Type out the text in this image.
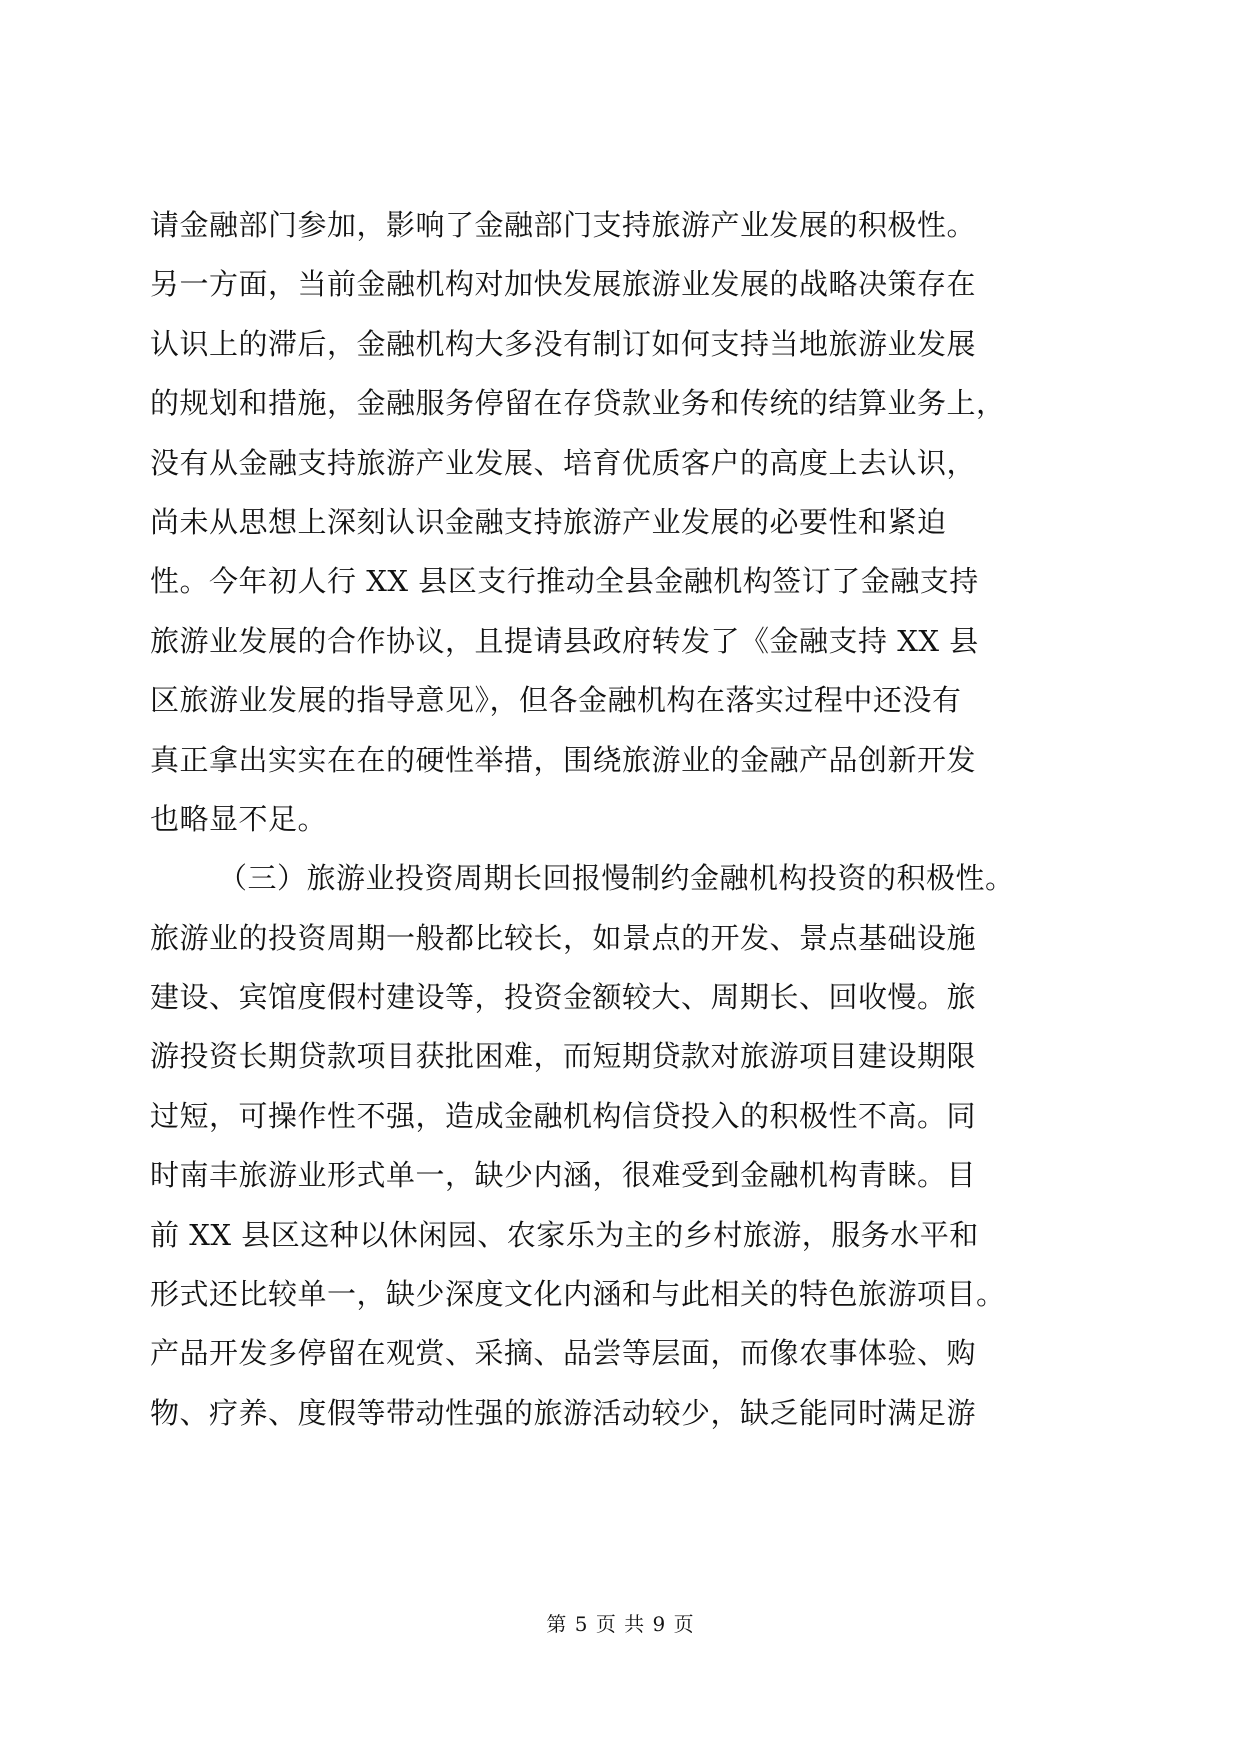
请金融部门参加，影响了金融部门支持旅游产业发展的积极性。
另一方面，当前金融机构对加快发展旅游业发展的战略决策存在
认识上的滞后，金融机构大多没有制订如何支持当地旅游业发展
的规划和措施，金融服务停留在存贷款业务和传统的结算业务上，
没有从金融支持旅游产业发展、培育优质客户的高度上去认识，
尚未从思想上深刻认识金融支持旅游产业发展的必要性和紧迫
性。今年初人行 XX 县区支行推动全县金融机构签订了金融支持
旅游业发展的合作协议，且提请县政府转发了《金融支持 XX 县
区旅游业发展的指导意见》，但各金融机构在落实过程中还没有
真正拿出实实在在的硬性举措，围绕旅游业的金融产品创新开发
也略显不足。
（三）旅游业投资周期长回报慢制约金融机构投资的积极性。
旅游业的投资周期一般都比较长，如景点的开发、景点基础设施
建设、宾馆度假村建设等，投资金额较大、周期长、回收慢。旅
游投资长期贷款项目获批困难，而短期贷款对旅游项目建设期限
过短，可操作性不强，造成金融机构信贷投入的积极性不高。同
时南丰旅游业形式单一，缺少内涵，很难受到金融机构青睐。目
前 XX 县区这种以休闲园、农家乐为主的乡村旅游，服务水平和
形式还比较单一，缺少深度文化内涵和与此相关的特色旅游项目。
产品开发多停留在观赏、采摘、品尝等层面，而像农事体验、购
物、疗养、度假等带动性强的旅游活动较少，缺乏能同时满足游
第 5 页 共 9 页
